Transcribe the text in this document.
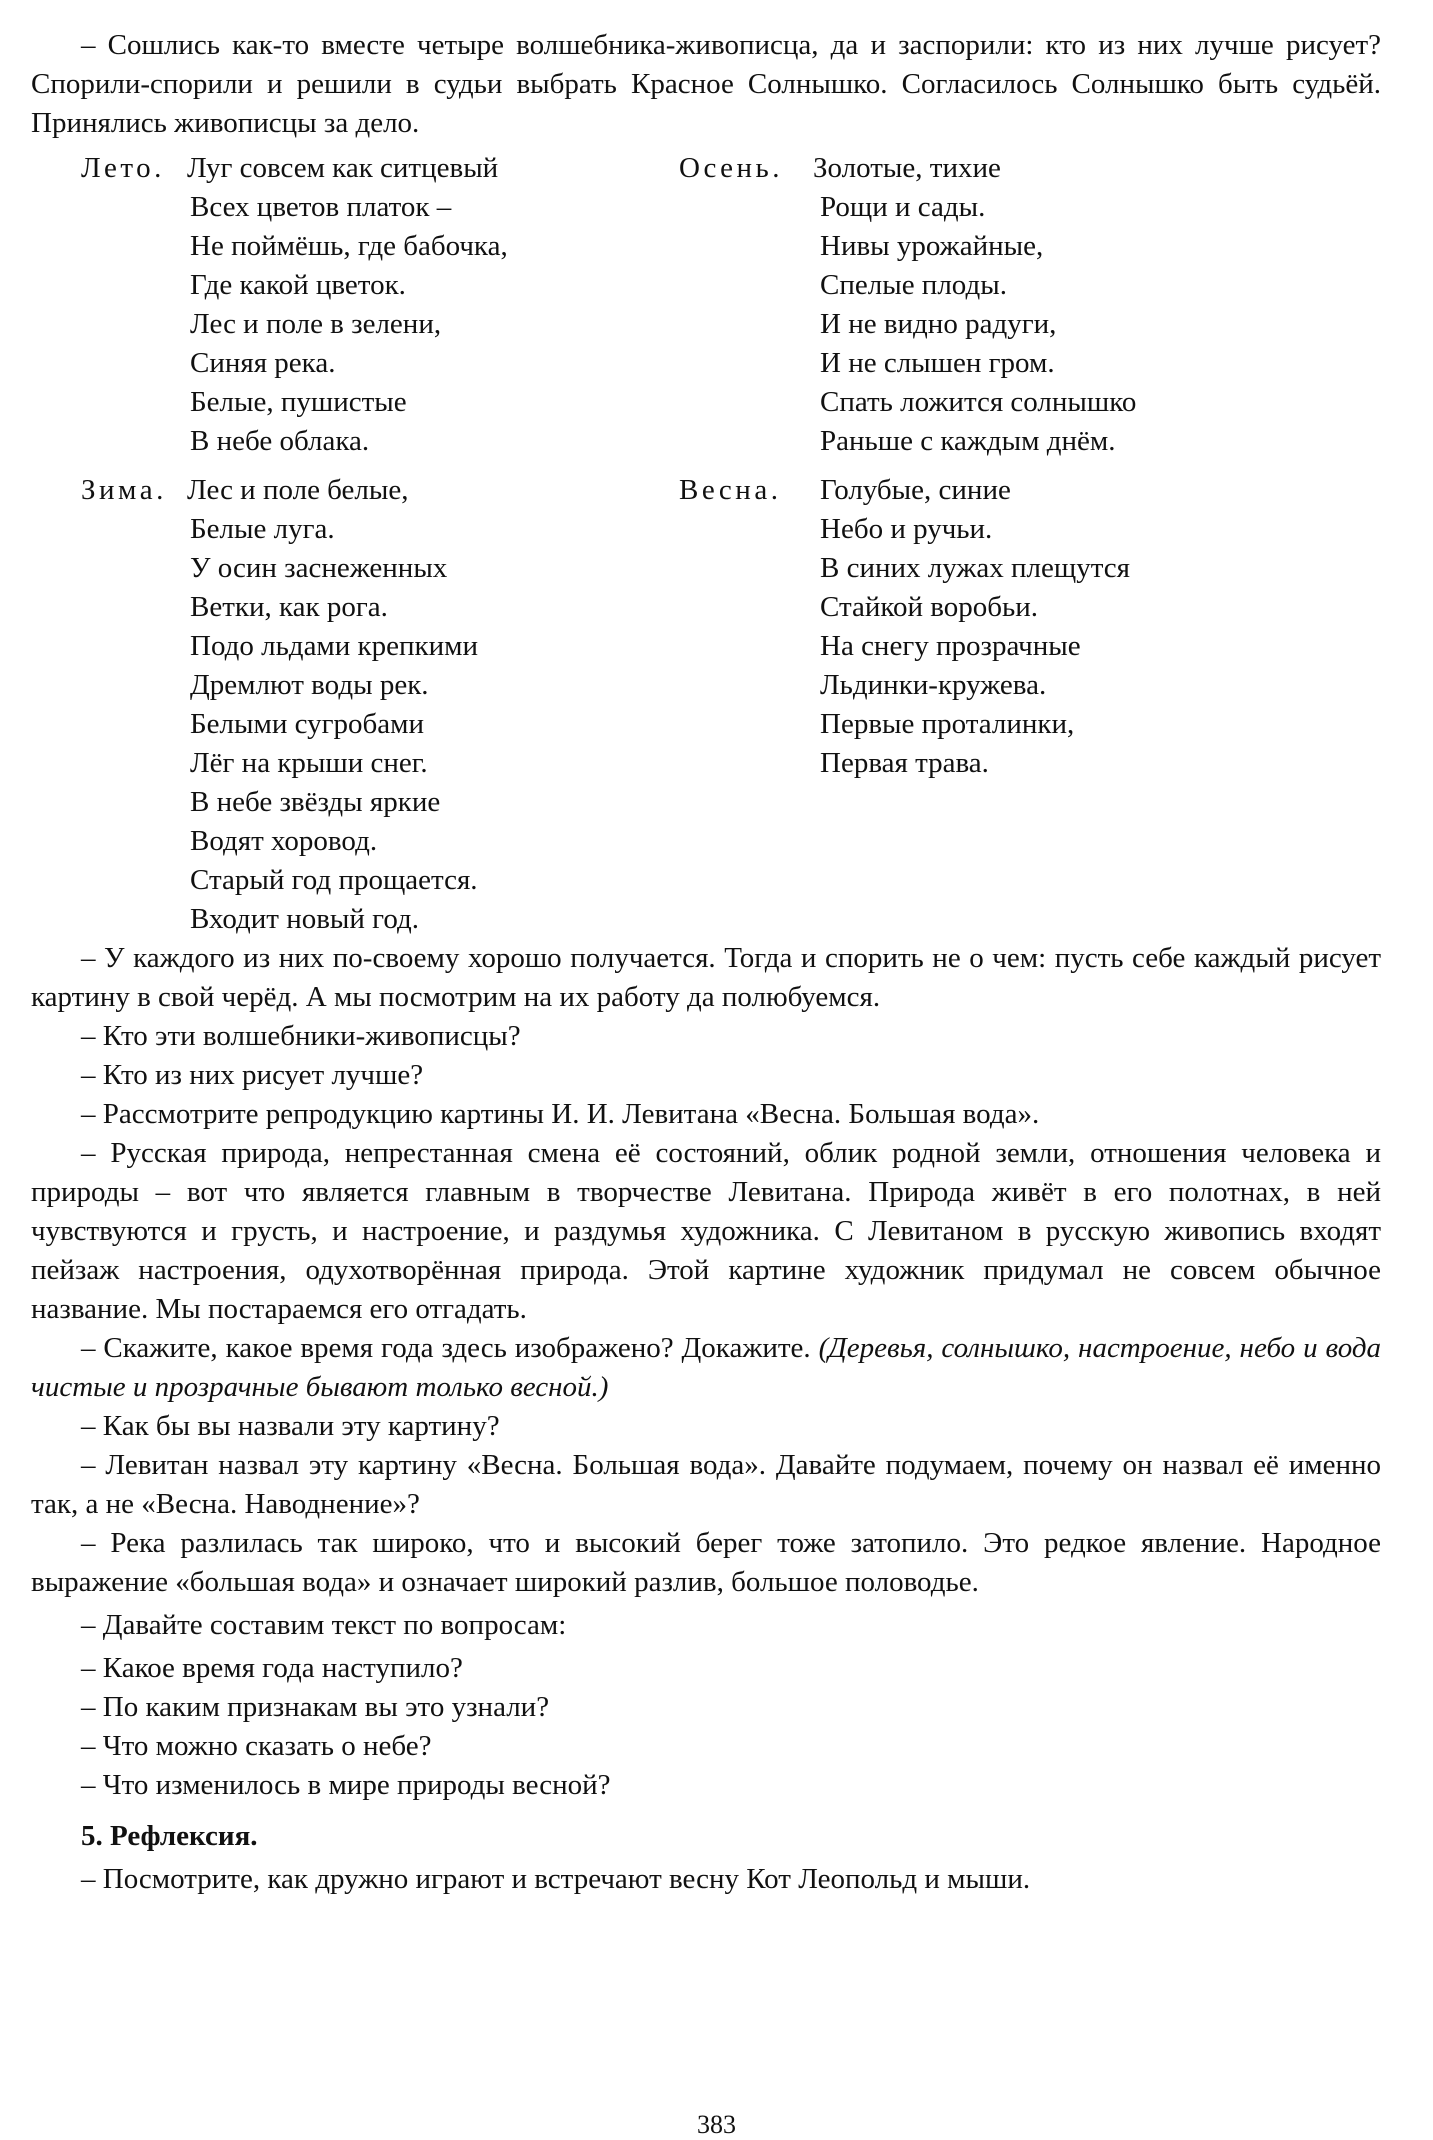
– Сошлись как-то вместе четыре волшебника-живописца, да и заспорили: кто из них лучше рисует? Спорили-спорили и решили в судьи выбрать Красное Солнышко. Согласилось Солнышко быть судьёй. Принялись живописцы за дело.

Лето. Луг совсем как ситцевый
Всех цветов платок –
Не поймёшь, где бабочка,
Где какой цветок.
Лес и поле в зелени,
Синяя река.
Белые, пушистые
В небе облака.
Осень. Золотые, тихие
Рощи и сады.
Нивы урожайные,
Спелые плоды.
И не видно радуги,
И не слышен гром.
Спать ложится солнышко
Раньше с каждым днём.
Зима. Лес и поле белые,
Белые луга.
У осин заснеженных
Ветки, как рога.
Подо льдами крепкими
Дремлют воды рек.
Белыми сугробами
Лёг на крыши снег.
В небе звёзды яркие
Водят хоровод.
Старый год прощается.
Входит новый год.
Весна. Голубые, синие
Небо и ручьи.
В синих лужах плещутся
Стайкой воробьи.
На снегу прозрачные
Льдинки-кружева.
Первые проталинки,
Первая трава.

– У каждого из них по-своему хорошо получается. Тогда и спорить не о чем: пусть себе каждый рисует картину в свой черёд. А мы посмотрим на их работу да полюбуемся.

– Кто эти волшебники-живописцы?

– Кто из них рисует лучше?

– Рассмотрите репродукцию картины И. И. Левитана «Весна. Большая вода».

– Русская природа, непрестанная смена её состояний, облик родной земли, отношения человека и природы – вот что является главным в творчестве Левитана. Природа живёт в его полотнах, в ней чувствуются и грусть, и настроение, и раздумья художника. С Левитаном в русскую живопись входят пейзаж настроения, одухотворённая природа. Этой картине художник придумал не совсем обычное название. Мы постараемся его отгадать.

– Скажите, какое время года здесь изображено? Докажите. (Деревья, солнышко, настроение, небо и вода чистые и прозрачные бывают только весной.)

– Как бы вы назвали эту картину?

– Левитан назвал эту картину «Весна. Большая вода». Давайте подумаем, почему он назвал её именно так, а не «Весна. Наводнение»?

– Река разлилась так широко, что и высокий берег тоже затопило. Это редкое явление. Народное выражение «большая вода» и означает широкий разлив, большое половодье.

– Давайте составим текст по вопросам:

– Какое время года наступило?

– По каким признакам вы это узнали?

– Что можно сказать о небе?

– Что изменилось в мире природы весной?

5. Рефлексия.

– Посмотрите, как дружно играют и встречают весну Кот Леопольд и мыши.

383
